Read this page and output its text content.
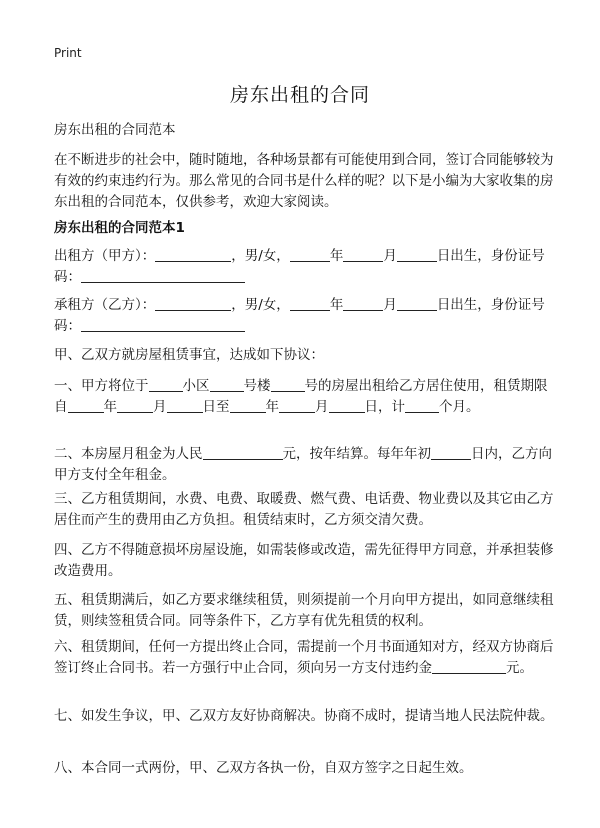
Print
房东出租的合同
房东出租的合同范本

在不断进步的社会中，随时随地，各种场景都有可能使用到合同，签订合同能够较为有效的约束违约行为。那么常见的合同书是什么样的呢？以下是小编为大家收集的房东出租的合同范本，仅供参考，欢迎大家阅读。

房东出租的合同范本1

出租方（甲方）：	，男/女，	年	月	日出生，身份证号码：

承租方（乙方）：	，男/女，	年	月	日出生，身份证号码：

甲、乙双方就房屋租赁事宜，达成如下协议：

一、甲方将位于	小区	号楼	号的房屋出租给乙方居住使用，租赁期限自	年	月	日至	年	月	日，计	个月。

二、本房屋月租金为人民	元，按年结算。每年年初	日内，乙方向甲方支付全年租金。

三、乙方租赁期间，水费、电费、取暖费、燃气费、电话费、物业费以及其它由乙方居住而产生的费用由乙方负担。租赁结束时，乙方须交清欠费。

四、乙方不得随意损坏房屋设施，如需装修或改造，需先征得甲方同意，并承担装修改造费用。

五、租赁期满后，如乙方要求继续租赁，则须提前一个月向甲方提出，如同意继续租赁，则续签租赁合同。同等条件下，乙方享有优先租赁的权利。

六、租赁期间，任何一方提出终止合同，需提前一个月书面通知对方，经双方协商后签订终止合同书。若一方强行中止合同，须向另一方支付违约金	元。

七、如发生争议，甲、乙双方友好协商解决。协商不成时，提请当地人民法院仲裁。

八、本合同一式两份，甲、乙双方各执一份，自双方签字之日起生效。
